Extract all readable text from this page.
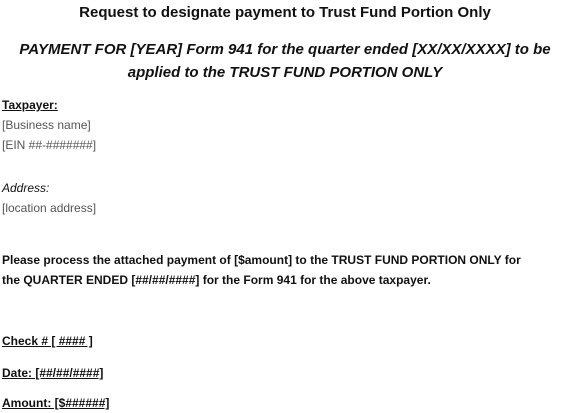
Request to designate payment to Trust Fund Portion Only
PAYMENT FOR [YEAR] Form 941 for the quarter ended [XX/XX/XXXX] to be
applied to the TRUST FUND PORTION ONLY
Taxpayer:
[Business name]
[EIN ##-#######]
Address:
[location address]
Please process the attached payment of [$amount] to the TRUST FUND PORTION ONLY for
the QUARTER ENDED [##/##/####] for the Form 941 for the above taxpayer.
Check # [ #### ]
Date: [##/##/####]
Amount: [$######]
